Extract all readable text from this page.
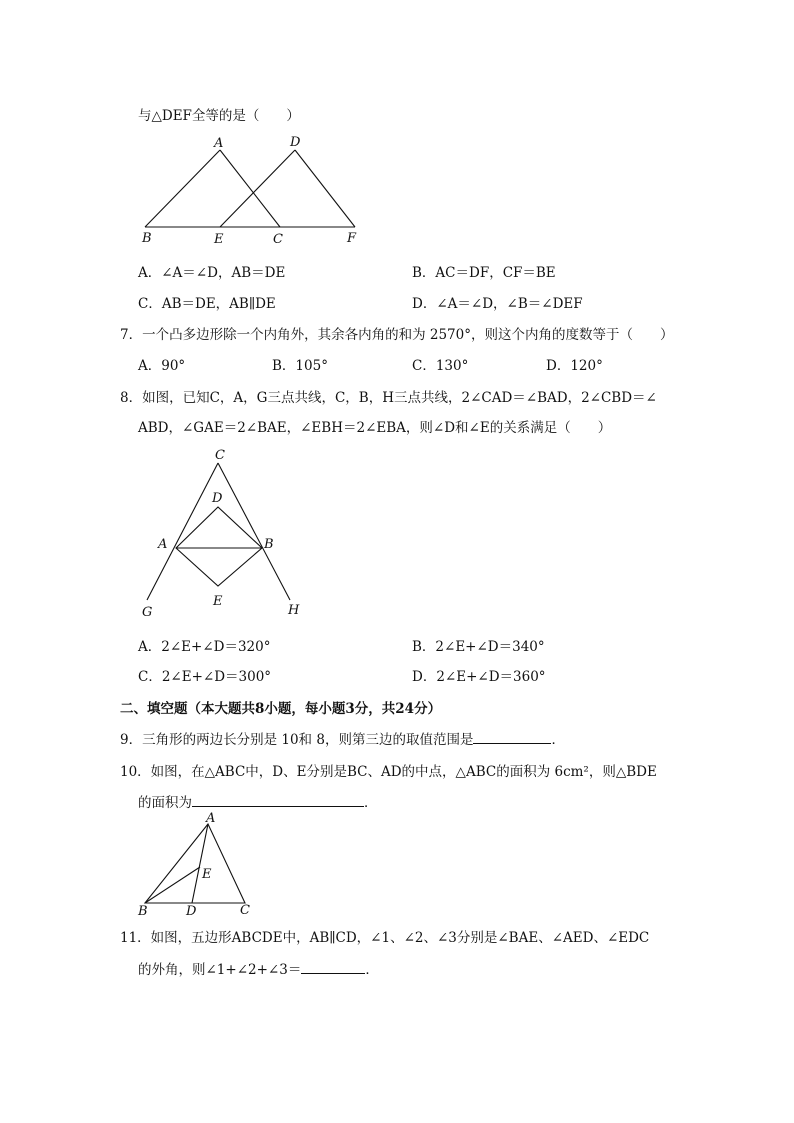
与△DEF全等的是（　　）
A	D
B	E	C	F
A．∠A＝∠D，AB＝DE	B．AC＝DF，CF＝BE
C．AB＝DE，AB∥DE	D．∠A＝∠D，∠B＝∠DEF
7．一个凸多边形除一个内角外，其余各内角的和为 2570°，则这个内角的度数等于（　　）
A．90°	B．105°	C．130°	D．120°
8．如图，已知C，A，G三点共线，C，B，H三点共线，2∠CAD＝∠BAD，2∠CBD＝∠
ABD，∠GAE＝2∠BAE，∠EBH＝2∠EBA，则∠D和∠E的关系满足（　　）
C
D
A	B
E
G	H
A．2∠E+∠D＝320°	B．2∠E+∠D＝340°
C．2∠E+∠D＝300°	D．2∠E+∠D＝360°
二、填空题（本大题共8小题，每小题3分，共24分）
9．三角形的两边长分别是 10和 8，则第三边的取值范围是	．
10．如图，在△ABC中，D、E分别是BC、AD的中点，△ABC的面积为 6cm²，则△BDE
的面积为	．
A
E
B	D	C
11．如图，五边形ABCDE中，AB∥CD，∠1、∠2、∠3分别是∠BAE、∠AED、∠EDC
的外角，则∠1+∠2+∠3＝	．
